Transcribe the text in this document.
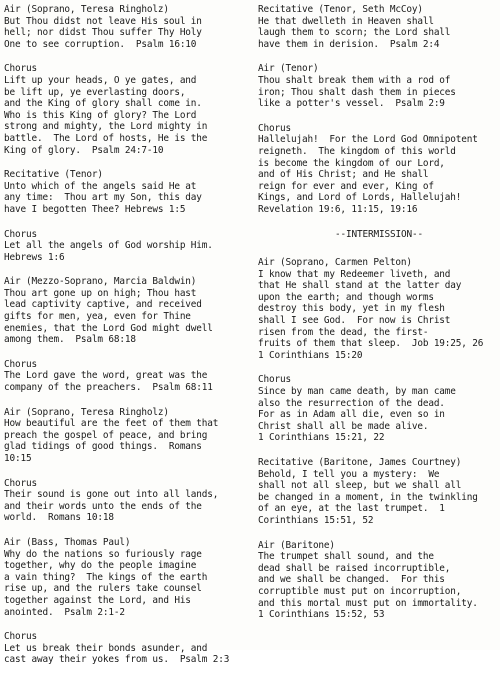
Air (Soprano, Teresa Ringholz)
But Thou didst not leave His soul in
hell; nor didst Thou suffer Thy Holy
One to see corruption.  Psalm 16:10
Chorus
Lift up your heads, O ye gates, and
be lift up, ye everlasting doors,
and the King of glory shall come in.
Who is this King of glory? The Lord
strong and mighty, the Lord mighty in
battle.  The Lord of hosts, He is the
King of glory.  Psalm 24:7-10
Recitative (Tenor)
Unto which of the angels said He at
any time:  Thou art my Son, this day
have I begotten Thee? Hebrews 1:5
Chorus
Let all the angels of God worship Him.
Hebrews 1:6
Air (Mezzo-Soprano, Marcia Baldwin)
Thou art gone up on high; Thou hast
lead captivity captive, and received
gifts for men, yea, even for Thine
enemies, that the Lord God might dwell
among them.  Psalm 68:18
Chorus
The Lord gave the word, great was the
company of the preachers.  Psalm 68:11
Air (Soprano, Teresa Ringholz)
How beautiful are the feet of them that
preach the gospel of peace, and bring
glad tidings of good things.  Romans
10:15
Chorus
Their sound is gone out into all lands,
and their words unto the ends of the
world.  Romans 10:18
Air (Bass, Thomas Paul)
Why do the nations so furiously rage
together, why do the people imagine
a vain thing?  The kings of the earth
rise up, and the rulers take counsel
together against the Lord, and His
anointed.  Psalm 2:1-2
Chorus
Let us break their bonds asunder, and
cast away their yokes from us.  Psalm 2:3
Recitative (Tenor, Seth McCoy)
He that dwelleth in Heaven shall
laugh them to scorn; the Lord shall
have them in derision.  Psalm 2:4
Air (Tenor)
Thou shalt break them with a rod of
iron; Thou shalt dash them in pieces
like a potter's vessel.  Psalm 2:9
Chorus
Hallelujah!  For the Lord God Omnipotent
reigneth.  The kingdom of this world
is become the kingdom of our Lord,
and of His Christ; and He shall
reign for ever and ever, King of
Kings, and Lord of Lords, Hallelujah!
Revelation 19:6, 11:15, 19:16
--INTERMISSION--
Air (Soprano, Carmen Pelton)
I know that my Redeemer liveth, and
that He shall stand at the latter day
upon the earth; and though worms
destroy this body, yet in my flesh
shall I see God.  For now is Christ
risen from the dead, the first-
fruits of them that sleep.  Job 19:25, 26
1 Corinthians 15:20
Chorus
Since by man came death, by man came
also the resurrection of the dead.
For as in Adam all die, even so in
Christ shall all be made alive.
1 Corinthians 15:21, 22
Recitative (Baritone, James Courtney)
Behold, I tell you a mystery:  We
shall not all sleep, but we shall all
be changed in a moment, in the twinkling
of an eye, at the last trumpet.  1
Corinthians 15:51, 52
Air (Baritone)
The trumpet shall sound, and the
dead shall be raised incorruptible,
and we shall be changed.  For this
corruptible must put on incorruption,
and this mortal must put on immortality.
1 Corinthians 15:52, 53
